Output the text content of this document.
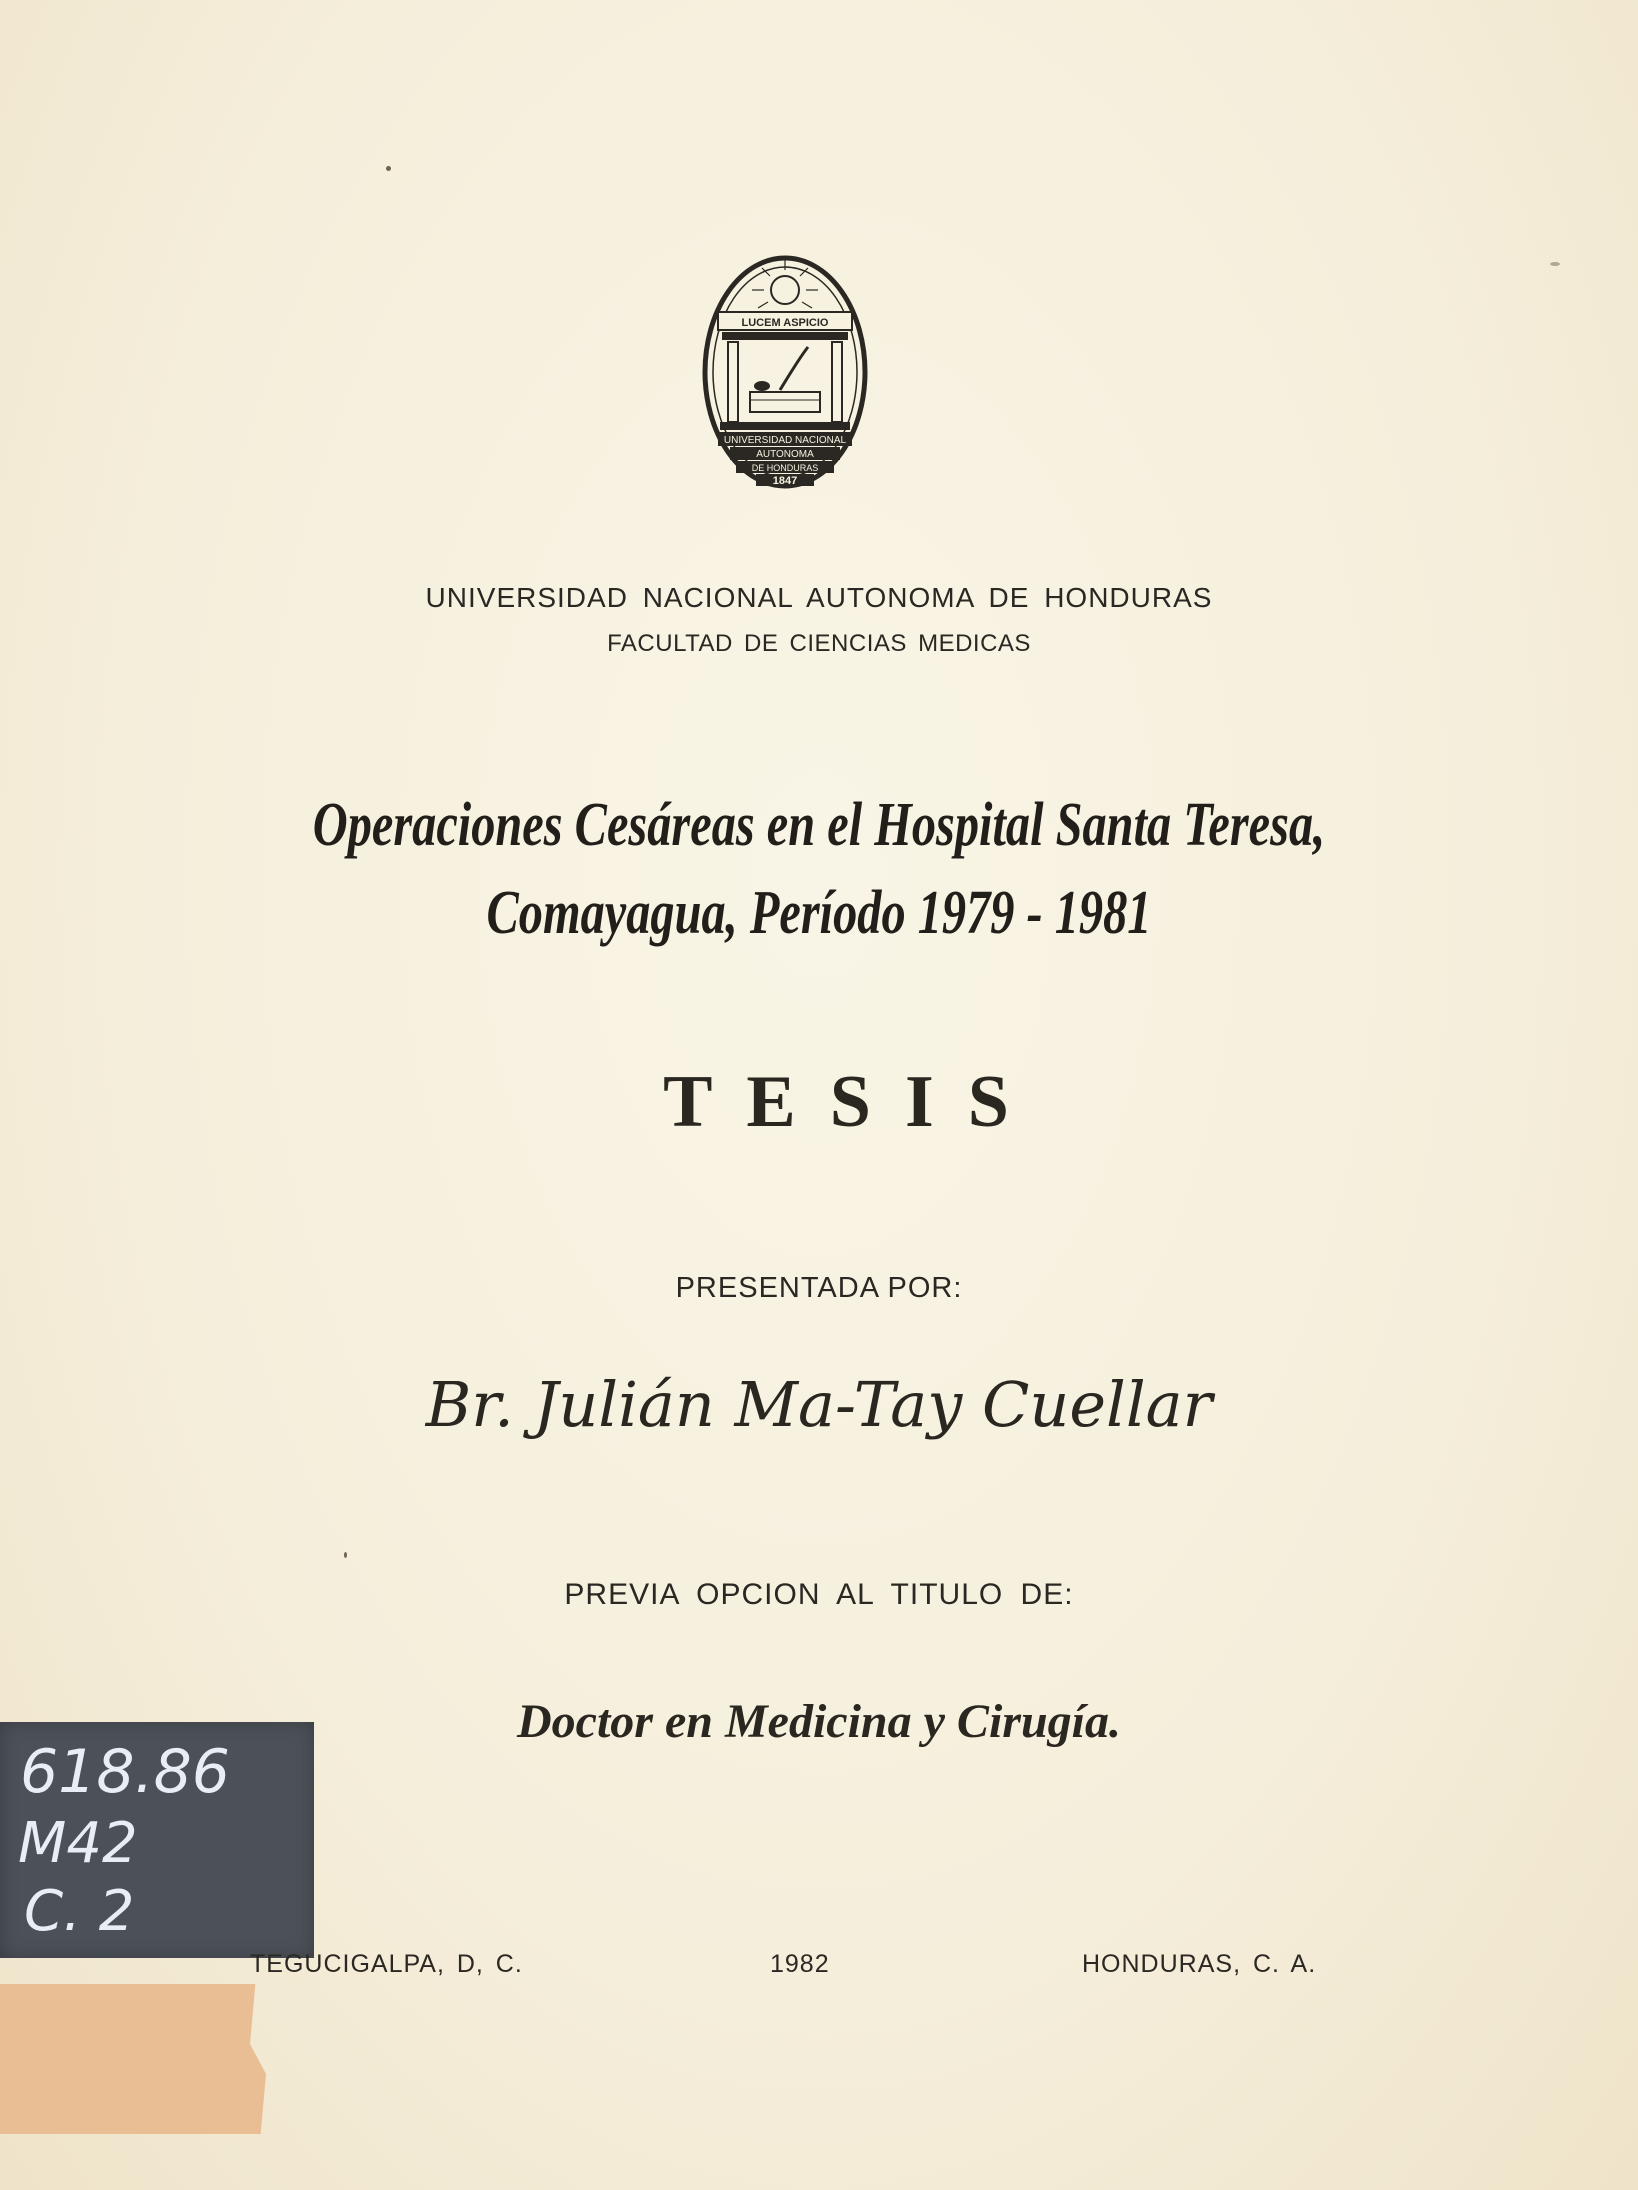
LUCEM ASPICIO
UNIVERSIDAD NACIONAL
AUTONOMA
DE HONDURAS
1847
UNIVERSIDAD NACIONAL AUTONOMA DE HONDURAS
FACULTAD DE CIENCIAS MEDICAS
Operaciones Cesáreas en el Hospital Santa Teresa,
Comayagua, Período 1979 - 1981
TESIS
PRESENTADA POR:
Br. Julián Ma-Tay Cuellar
PREVIA OPCION AL TITULO DE:
Doctor en Medicina y Cirugía.
618.86
M42
C. 2
TEGUCIGALPA, D, C.	1982	HONDURAS, C. A.
